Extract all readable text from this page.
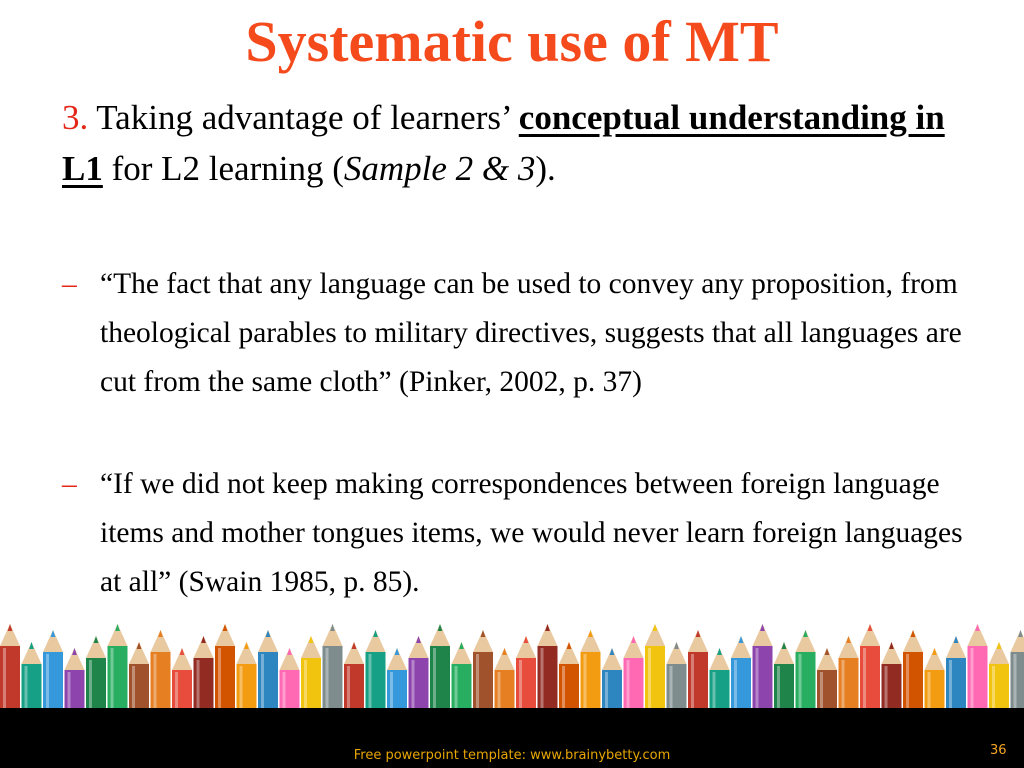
Systematic use of MT
3. Taking advantage of learners’ conceptual understanding in L1 for L2 learning (Sample 2 & 3).
– “The fact that any language can be used to convey any proposition, from theological parables to military directives, suggests that all languages are cut from the same cloth” (Pinker, 2002, p. 37)
– “If we did not keep making correspondences between foreign language items and mother tongues items, we would never learn foreign languages at all” (Swain 1985, p. 85).
Free powerpoint template: www.brainybetty.com	36
